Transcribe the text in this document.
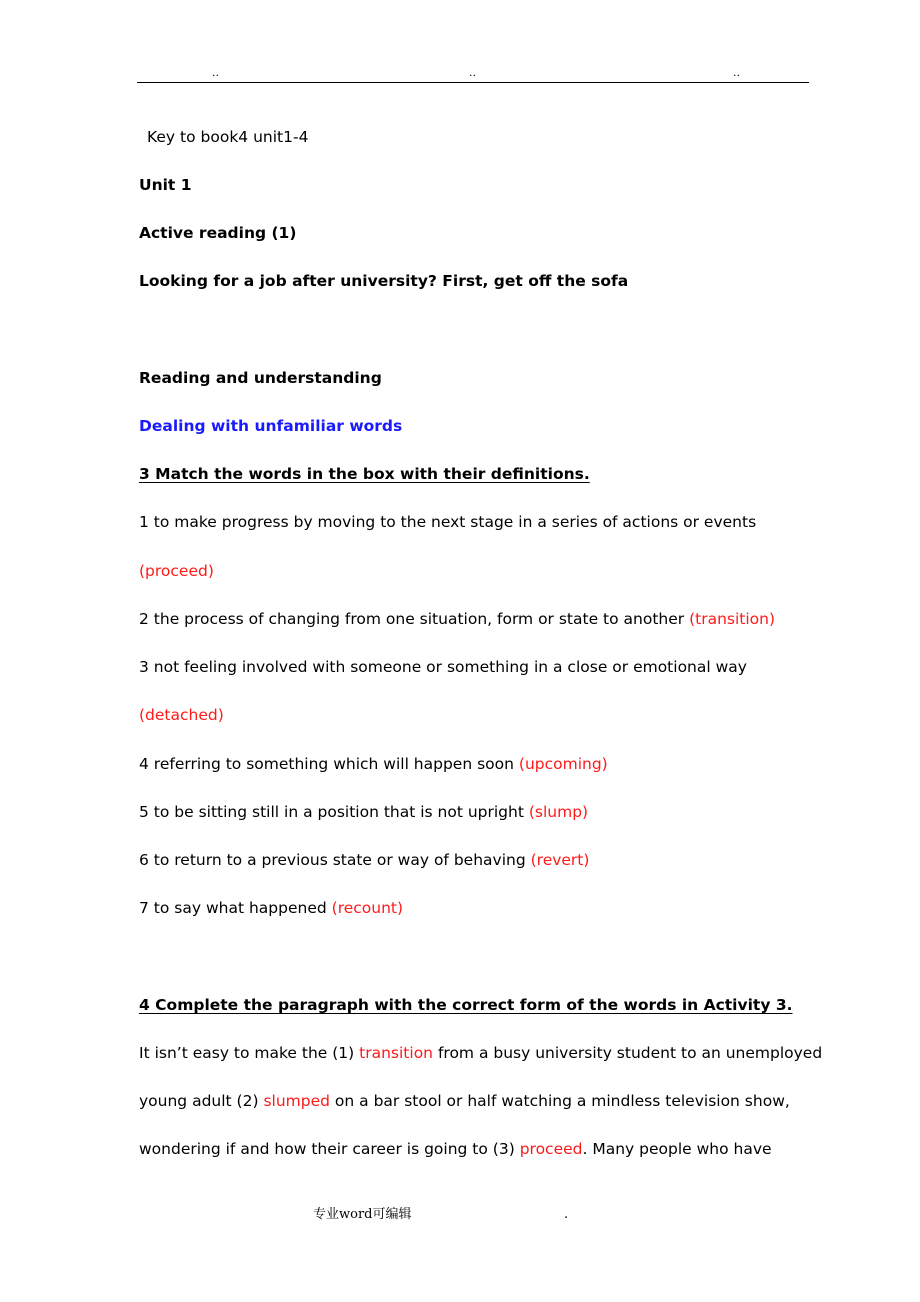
..	..	..
Key to book4 unit1-4
Unit 1
Active reading (1)
Looking for a job after university? First, get off the sofa
Reading and understanding
Dealing with unfamiliar words
3 Match the words in the box with their definitions.
1 to make progress by moving to the next stage in a series of actions or events
(proceed)
2 the process of changing from one situation, form or state to another (transition)
3 not feeling involved with someone or something in a close or emotional way
(detached)
4 referring to something which will happen soon (upcoming)
5 to be sitting still in a position that is not upright (slump)
6 to return to a previous state or way of behaving (revert)
7 to say what happened (recount)
4 Complete the paragraph with the correct form of the words in Activity 3.
It isn’t easy to make the (1) transition from a busy university student to an unemployed
young adult (2) slumped on a bar stool or half watching a mindless television show,
wondering if and how their career is going to (3) proceed. Many people who have
专业word可编辑	.
